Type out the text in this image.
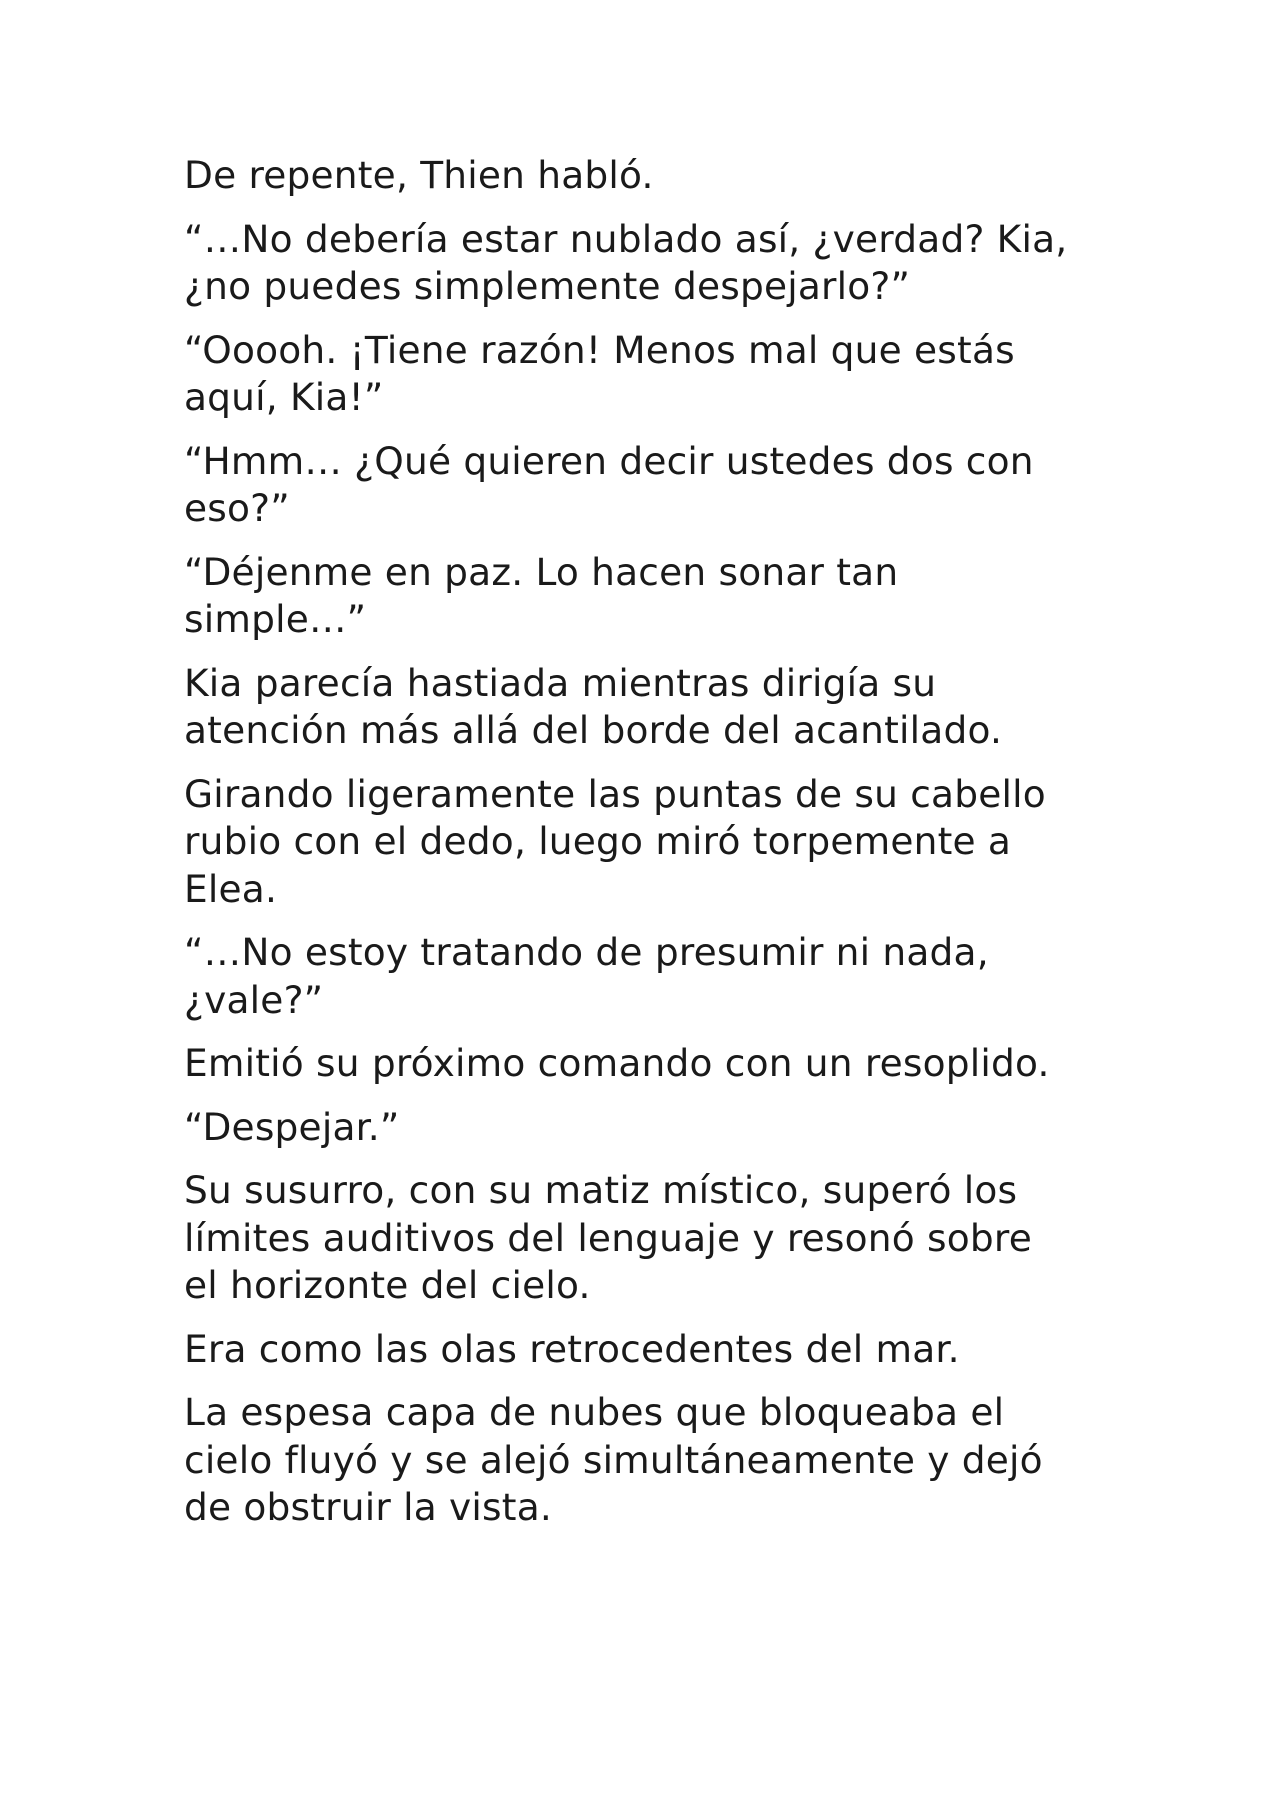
De repente, Thien habló.

“…No debería estar nublado así, ¿verdad? Kia,
¿no puedes simplemente despejarlo?”

“Ooooh. ¡Tiene razón! Menos mal que estás
aquí, Kia!”

“Hmm… ¿Qué quieren decir ustedes dos con
eso?”

“Déjenme en paz. Lo hacen sonar tan
simple…”

Kia parecía hastiada mientras dirigía su
atención más allá del borde del acantilado.

Girando ligeramente las puntas de su cabello
rubio con el dedo, luego miró torpemente a
Elea.

“…No estoy tratando de presumir ni nada,
¿vale?”

Emitió su próximo comando con un resoplido.

“Despejar.”

Su susurro, con su matiz místico, superó los
límites auditivos del lenguaje y resonó sobre
el horizonte del cielo.

Era como las olas retrocedentes del mar.

La espesa capa de nubes que bloqueaba el
cielo fluyó y se alejó simultáneamente y dejó
de obstruir la vista.
